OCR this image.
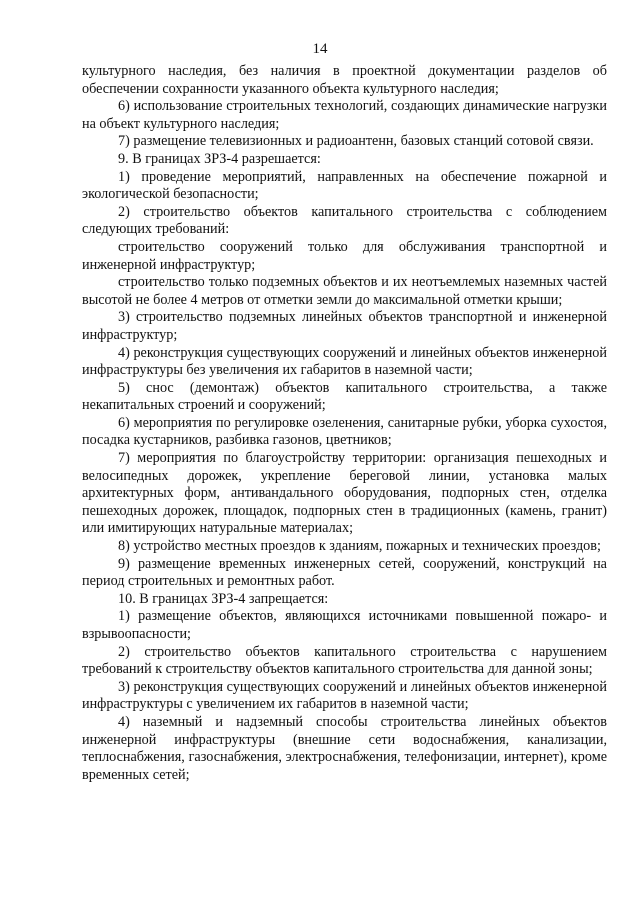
14

культурного наследия, без наличия в проектной документации разделов об обеспечении сохранности указанного объекта культурного наследия;

6) использование строительных технологий, создающих динамические нагрузки на объект культурного наследия;

7) размещение телевизионных и радиоантенн, базовых станций сотовой связи.

9. В границах ЗРЗ-4 разрешается:

1) проведение мероприятий, направленных на обеспечение пожарной и экологической безопасности;

2) строительство объектов капитального строительства с соблюдением следующих требований:

строительство сооружений только для обслуживания транспортной и инженерной инфраструктур;

строительство только подземных объектов и их неотъемлемых наземных частей высотой не более 4 метров от отметки земли до максимальной отметки крыши;

3) строительство подземных линейных объектов транспортной и инженерной инфраструктур;

4) реконструкция существующих сооружений и линейных объектов инженерной инфраструктуры без увеличения их габаритов в наземной части;

5) снос (демонтаж) объектов капитального строительства, а также некапитальных строений и сооружений;

6) мероприятия по регулировке озеленения, санитарные рубки, уборка сухостоя, посадка кустарников, разбивка газонов, цветников;

7) мероприятия по благоустройству территории: организация пешеходных и велосипедных дорожек, укрепление береговой линии, установка малых архитектурных форм, антивандального оборудования, подпорных стен, отделка пешеходных дорожек, площадок, подпорных стен в традиционных (камень, гранит) или имитирующих натуральные материалах;

8) устройство местных проездов к зданиям, пожарных и технических проездов;

9) размещение временных инженерных сетей, сооружений, конструкций на период строительных и ремонтных работ.

10. В границах ЗРЗ-4 запрещается:

1) размещение объектов, являющихся источниками повышенной пожаро- и взрывоопасности;

2) строительство объектов капитального строительства с нарушением требований к строительству объектов капитального строительства для данной зоны;

3) реконструкция существующих сооружений и линейных объектов инженерной инфраструктуры с увеличением их габаритов в наземной части;

4) наземный и надземный способы строительства линейных объектов инженерной инфраструктуры (внешние сети водоснабжения, канализации, теплоснабжения, газоснабжения, электроснабжения, телефонизации, интернет), кроме временных сетей;
